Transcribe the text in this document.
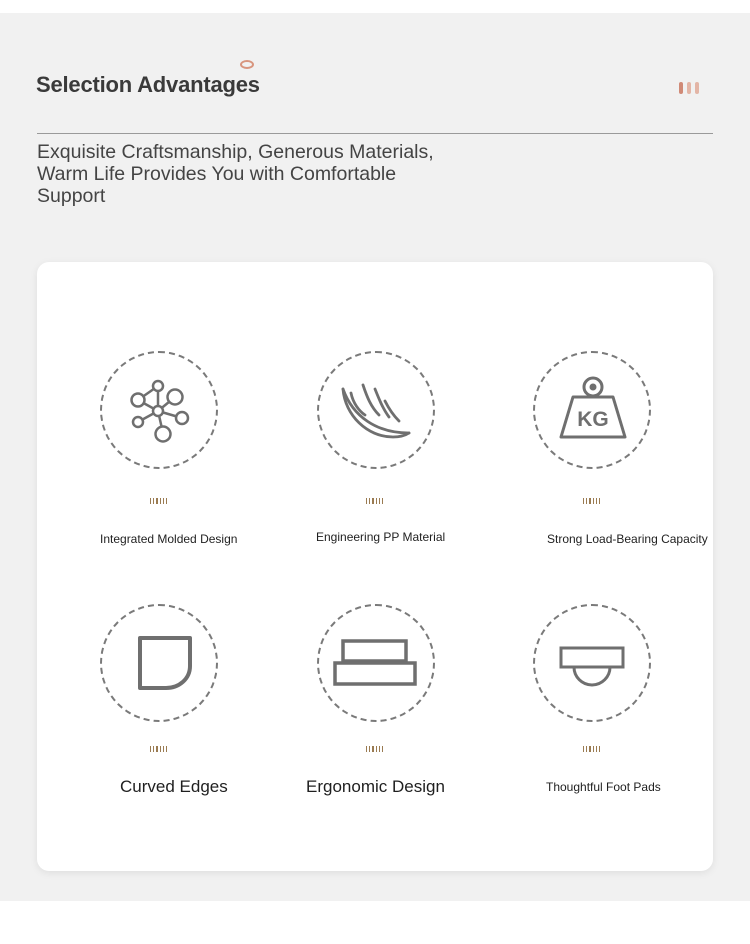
Selection Advantages
Exquisite Craftsmanship, Generous Materials, Warm Life Provides You with Comfortable Support
Integrated Molded Design	Engineering PP Material
KG
Strong Load-Bearing Capacity
Curved Edges	Ergonomic Design	Thoughtful Foot Pads
